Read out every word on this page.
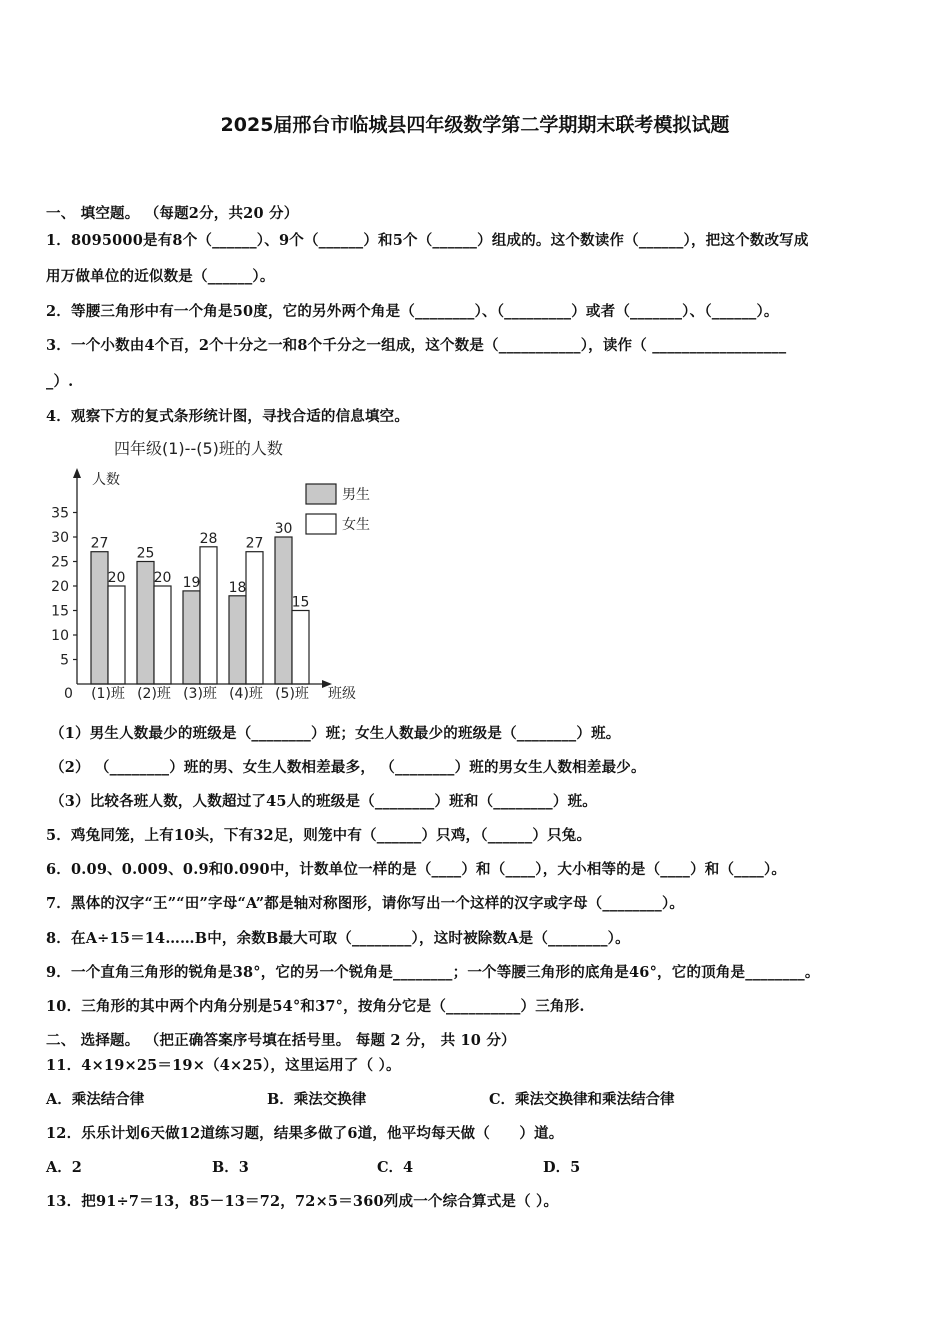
2025届邢台市临城县四年级数学第二学期期末联考模拟试题
一、 填空题。 （每题2分，共20 分）
1．8095000是有8个（______）、9个（______）和5个（______）组成的。这个数读作（______），把这个数改写成
用万做单位的近似数是（______）。
2．等腰三角形中有一个角是50度，它的另外两个角是（________）、（_________）或者（_______）、（______）。
3．一个小数由4个百，2个十分之一和8个千分之一组成，这个数是（___________），读作（ __________________
_）.
4．观察下方的复式条形统计图，寻找合适的信息填空。
四年级(1)--(5)班的人数
人数
班级
0
男生
女生
27
20
25
20 19
28
18
27
30
15
5
10
15
20
25
30
35
(1)班 (2)班 (3)班 (4)班 (5)班
（1）男生人数最少的班级是（________）班；女生人数最少的班级是（________）班。
（2） （________）班的男、女生人数相差最多， （________）班的男女生人数相差最少。
（3）比较各班人数，人数超过了45人的班级是（________）班和（________）班。
5．鸡兔同笼，上有10头，下有32足，则笼中有（______）只鸡，（______）只兔。
6．0.09、0.009、0.9和0.090中，计数单位一样的是（____）和（____），大小相等的是（____）和（____）。
7．黑体的汉字“王”“田”字母“A”都是轴对称图形，请你写出一个这样的汉字或字母（________）。
8．在A÷15＝14……B中，余数B最大可取（________），这时被除数A是（________）。
9．一个直角三角形的锐角是38°，它的另一个锐角是________；一个等腰三角形的底角是46°，它的顶角是________。
10．三角形的其中两个内角分别是54°和37°，按角分它是（__________）三角形.
二、 选择题。 （把正确答案序号填在括号里。 每题 2 分， 共 10 分）
11．4×19×25＝19×（4×25），这里运用了（ ）。
A．乘法结合律	B．乘法交换律	C．乘法交换律和乘法结合律
12．乐乐计划6天做12道练习题，结果多做了6道，他平均每天做（　　）道。
A．2	B．3	C．4	D．5
13．把91÷7＝13，85－13＝72，72×5＝360列成一个综合算式是（ ）。
